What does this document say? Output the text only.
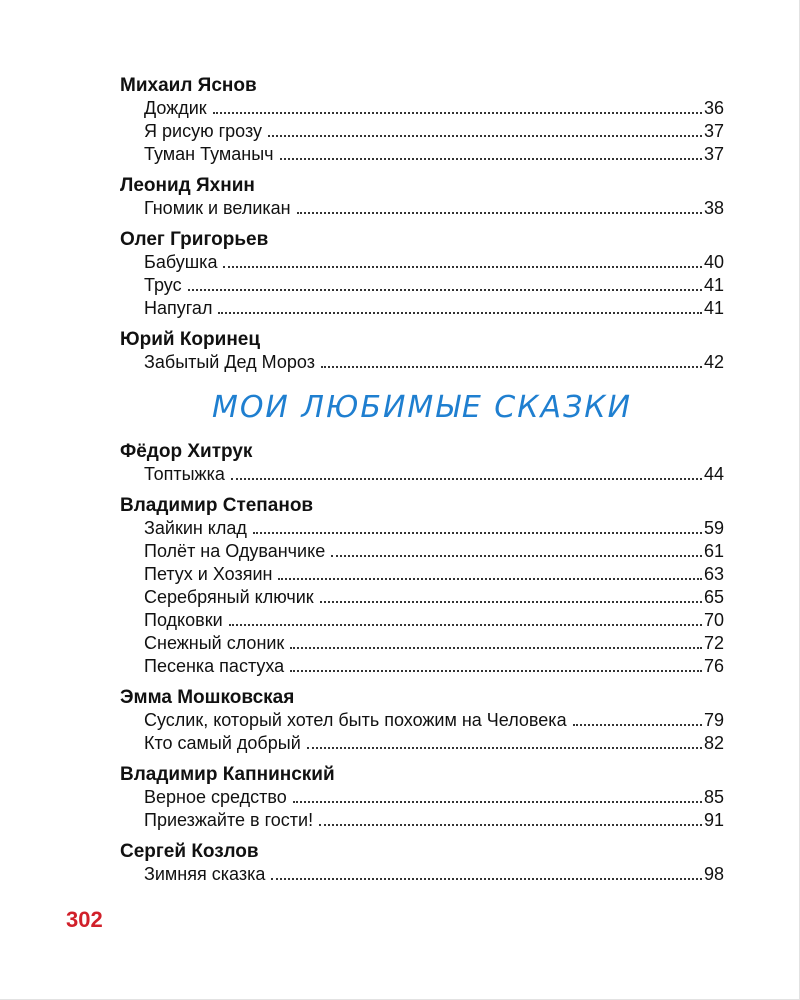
Михаил Яснов
Дождик	36
Я рисую грозу	37
Туман Туманыч	37
Леонид Яхнин
Гномик и великан	38
Олег Григорьев
Бабушка	40
Трус	41
Напугал	41
Юрий Коринец
Забытый Дед Мороз	42
МОИ ЛЮБИМЫЕ СКАЗКИ
Фёдор Хитрук
Топтыжка	44
Владимир Степанов
Зайкин клад	59
Полёт на Одуванчике	61
Петух и Хозяин	63
Серебряный ключик	65
Подковки	70
Снежный слоник	72
Песенка пастуха	76
Эмма Мошковская
Суслик, который хотел быть похожим на Человека	79
Кто самый добрый	82
Владимир Капнинский
Верное средство	85
Приезжайте в гости!	91
Сергей Козлов
Зимняя сказка	98
302
